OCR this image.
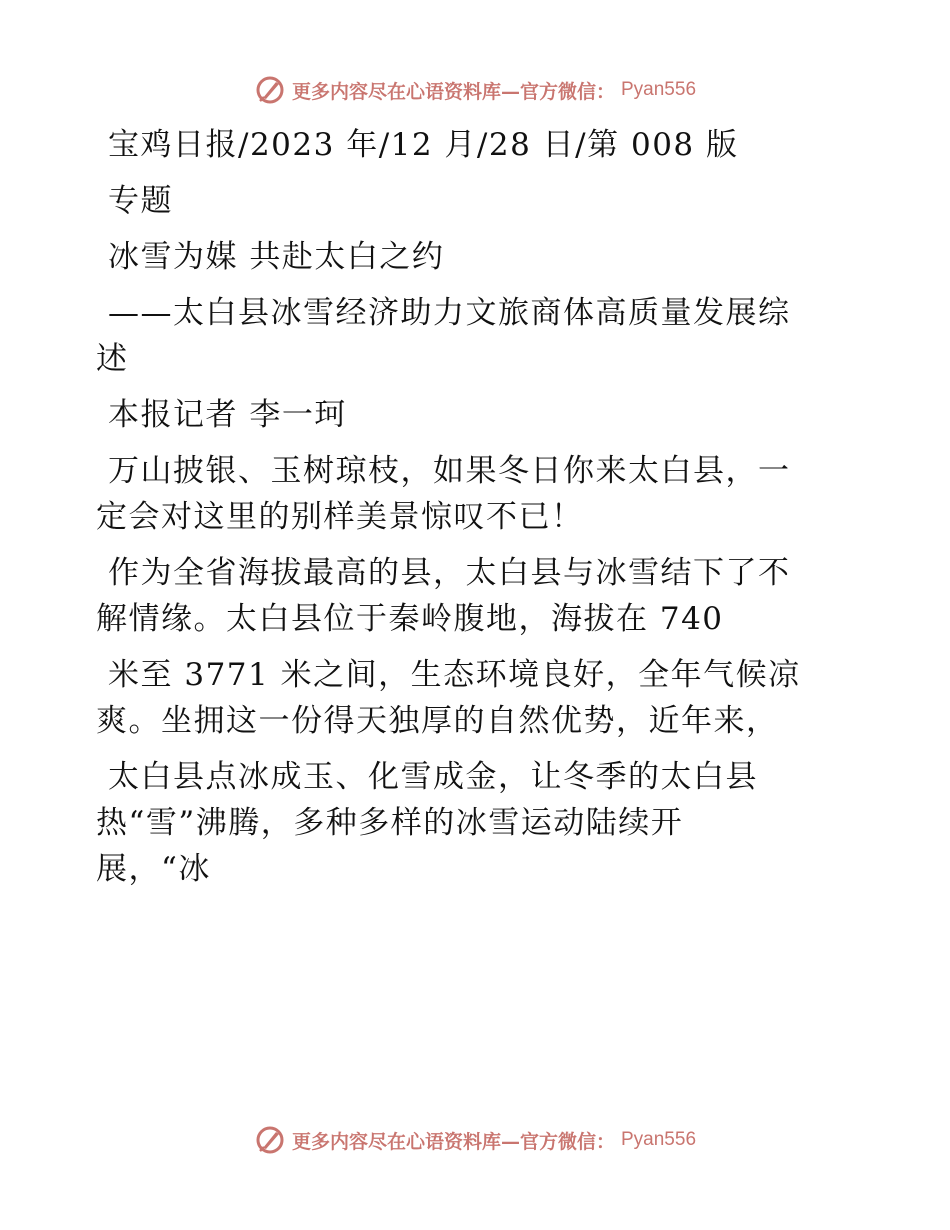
更多内容尽在心语资料库—官方微信： Pyan556

宝鸡日报/2023 年/12 月/28 日/第 008 版

专题

冰雪为媒 共赴太白之约

——太白县冰雪经济助力文旅商体高质量发展综

述

本报记者 李一珂

万山披银、玉树琼枝，如果冬日你来太白县，一

定会对这里的别样美景惊叹不已！

作为全省海拔最高的县，太白县与冰雪结下了不

解情缘。太白县位于秦岭腹地，海拔在 740

米至 3771 米之间，生态环境良好，全年气候凉

爽。坐拥这一份得天独厚的自然优势，近年来，

太白县点冰成玉、化雪成金，让冬季的太白县

热“雪”沸腾，多种多样的冰雪运动陆续开

展，“冰

更多内容尽在心语资料库—官方微信： Pyan556
